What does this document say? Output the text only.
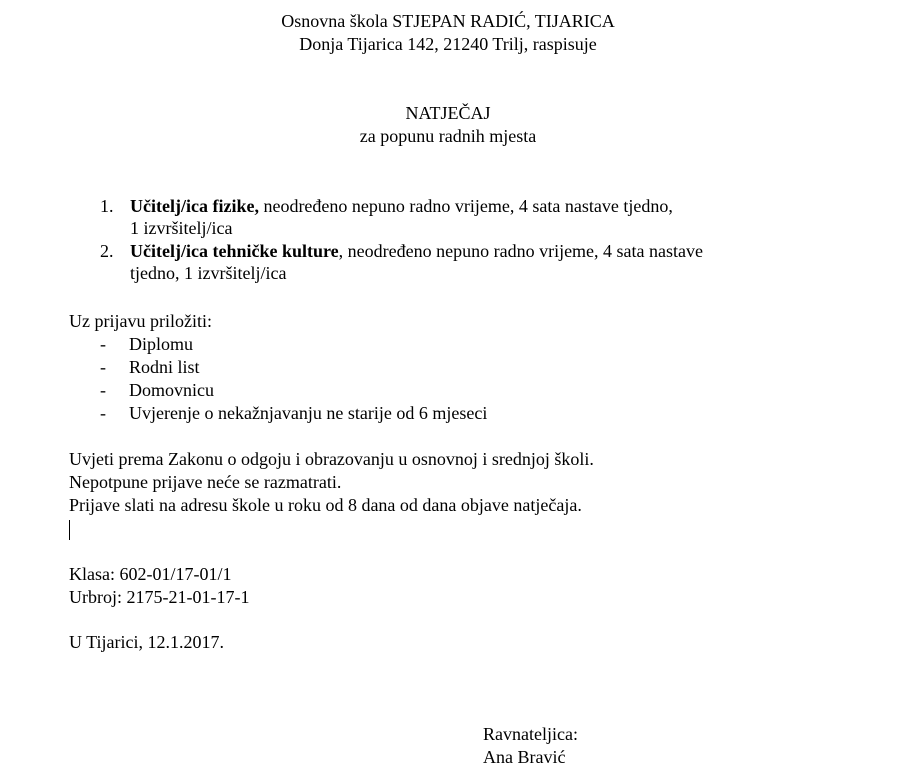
Osnovna škola STJEPAN RADIĆ, TIJARICA
Donja Tijarica 142, 21240 Trilj, raspisuje
NATJEČAJ
za popunu radnih mjesta
1. Učitelj/ica fizike, neodređeno nepuno radno vrijeme, 4 sata nastave tjedno,
1 izvršitelj/ica
2. Učitelj/ica tehničke kulture, neodređeno nepuno radno vrijeme, 4 sata nastave
tjedno, 1 izvršitelj/ica
Uz prijavu priložiti:
- Diplomu
- Rodni list
- Domovnicu
- Uvjerenje o nekažnjavanju ne starije od 6 mjeseci
Uvjeti prema Zakonu o odgoju i obrazovanju u osnovnoj i srednjoj školi.
Nepotpune prijave neće se razmatrati.
Prijave slati na adresu škole u roku od 8 dana od dana objave natječaja.
Klasa: 602-01/17-01/1
Urbroj: 2175-21-01-17-1
U Tijarici, 12.1.2017.
Ravnateljica:
Ana Bravić
